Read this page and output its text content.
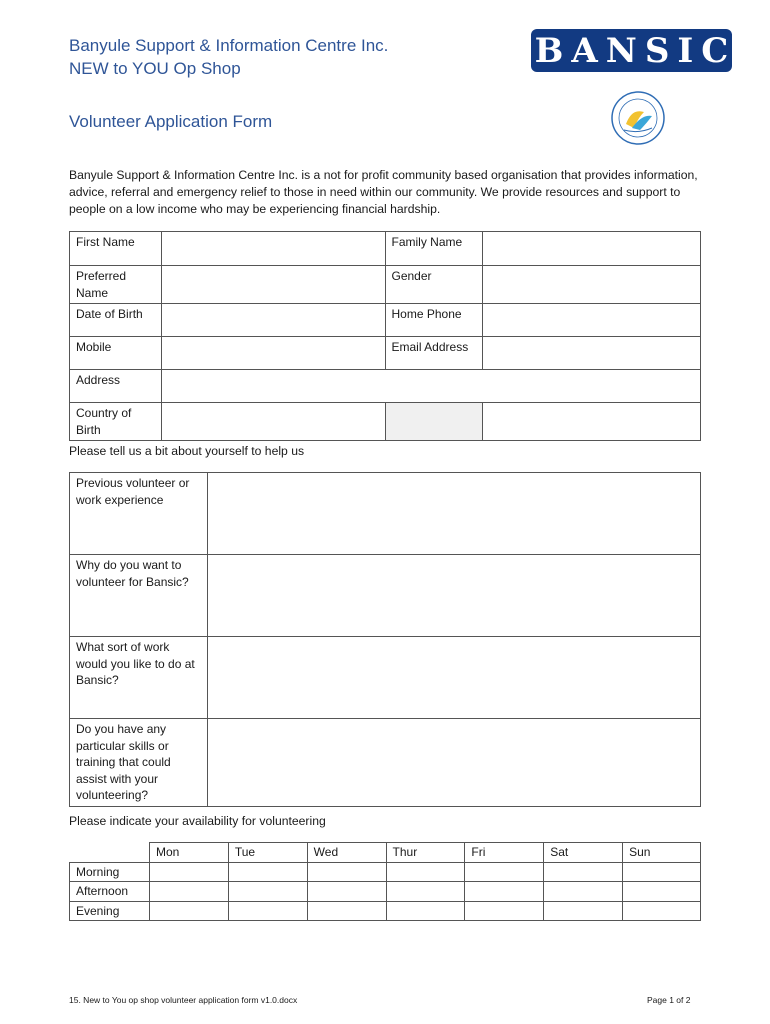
Banyule Support & Information Centre Inc.
NEW to YOU Op Shop	BANSIC
Volunteer Application Form
Banyule Support & Information Centre Inc. is a not for profit community based organisation that provides information, advice, referral and emergency relief to those in need within our community. We provide resources and support to people on a low income who may be experiencing financial hardship.
First Name		Family Name	
Preferred Name		Gender	
Date of Birth		Home Phone	
Mobile		Email Address	
Address			
Country of Birth			
Please tell us a bit about yourself to help us
Previous volunteer or work experience	
Why do you want to volunteer for Bansic?	
What sort of work would you like to do at Bansic?	
Do you have any particular skills or training that could assist with your volunteering?	
Please indicate your availability for volunteering
	Mon	Tue	Wed	Thur	Fri	Sat	Sun
Morning							
Afternoon							
Evening							
15. New to You op shop volunteer application form v1.0.docx	Page 1 of 2
